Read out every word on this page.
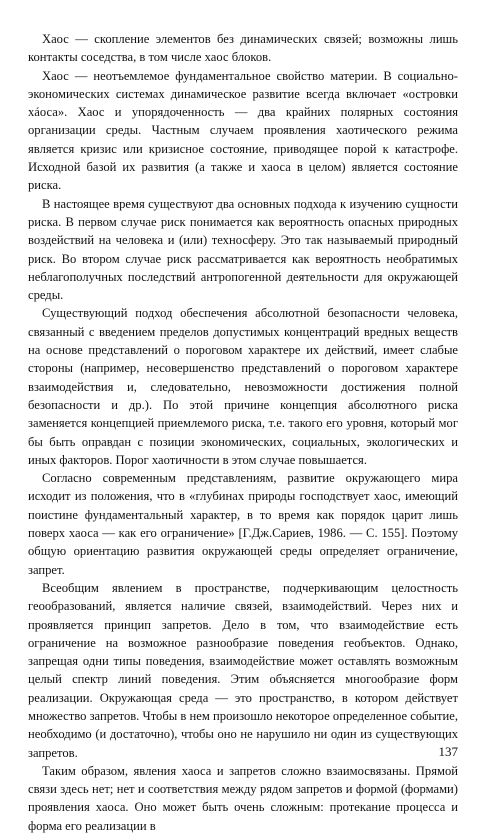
Хаос — скопление элементов без динамических связей; возможны лишь контакты соседства, в том числе хаос блоков.

Хаос — неотъемлемое фундаментальное свойство материи. В социально-экономических системах динамическое развитие всегда включает «островки хáоса». Хаос и упорядоченность — два крайних полярных состояния организации среды. Частным случаем проявления хаотического режима является кризис или кризисное состояние, приводящее порой к катастрофе. Исходной базой их развития (а также и хаоса в целом) является состояние риска.

В настоящее время существуют два основных подхода к изучению сущности риска. В первом случае риск понимается как вероятность опасных природных воздействий на человека и (или) техносферу. Это так называемый природный риск. Во втором случае риск рассматривается как вероятность необратимых неблагополучных последствий антропогенной деятельности для окружающей среды.

Существующий подход обеспечения абсолютной безопасности человека, связанный с введением пределов допустимых концентраций вредных веществ на основе представлений о пороговом характере их действий, имеет слабые стороны (например, несовершенство представлений о пороговом характере взаимодействия и, следовательно, невозможности достижения полной безопасности и др.). По этой причине концепция абсолютного риска заменяется концепцией приемлемого риска, т.е. такого его уровня, который мог бы быть оправдан с позиции экономических, социальных, экологических и иных факторов. Порог хаотичности в этом случае повышается.

Согласно современным представлениям, развитие окружающего мира исходит из положения, что в «глубинах природы господствует хаос, имеющий поистине фундаментальный характер, в то время как порядок царит лишь поверх хаоса — как его ограничение» [Г.Дж.Сариев, 1986. — С. 155]. Поэтому общую ориентацию развития окружающей среды определяет ограничение, запрет.

Всеобщим явлением в пространстве, подчеркивающим целостность геообразований, является наличие связей, взаимодействий. Через них и проявляется принцип запретов. Дело в том, что взаимодействие есть ограничение на возможное разнообразие поведения геобъектов. Однако, запрещая одни типы поведения, взаимодействие может оставлять возможным целый спектр линий поведения. Этим объясняется многообразие форм реализации. Окружающая среда — это пространство, в котором действует множество запретов. Чтобы в нем произошло некоторое определенное событие, необходимо (и достаточно), чтобы оно не нарушило ни один из существующих запретов.

Таким образом, явления хаоса и запретов сложно взаимосвязаны. Прямой связи здесь нет; нет и соответствия между рядом запретов и формой (формами) проявления хаоса. Оно может быть очень сложным: протекание процесса и форма его реализации в

137
